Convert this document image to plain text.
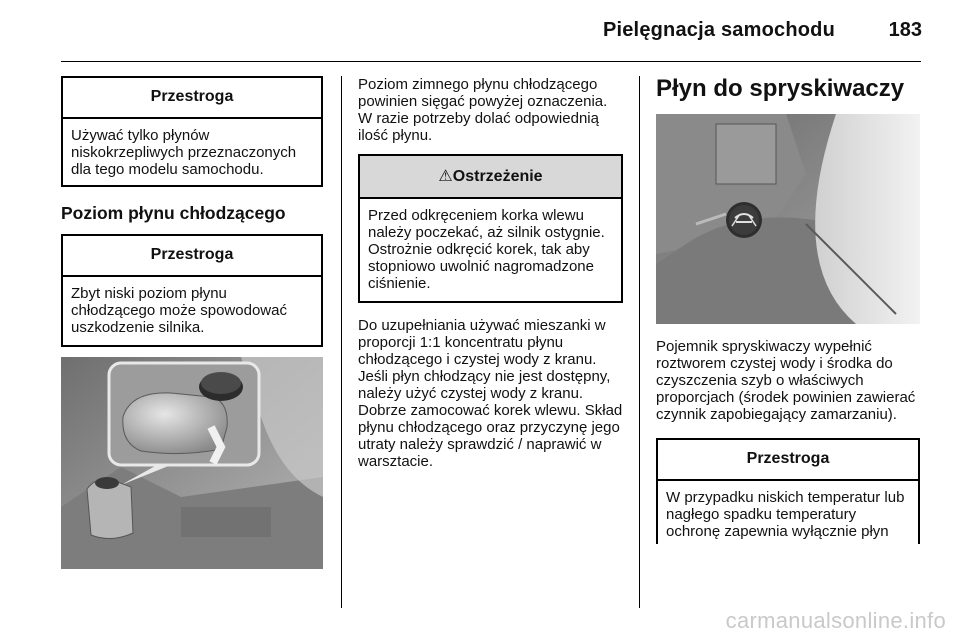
Pielęgnacja samochodu	183
Przestroga
Używać tylko płynów niskokrzepliwych przeznaczonych dla tego modelu samochodu.
Poziom płynu chłodzącego
Przestroga
Zbyt niski poziom płynu chłodzącego może spowodować uszkodzenie silnika.

Poziom zimnego płynu chłodzącego powinien sięgać powyżej oznaczenia. W razie potrzeby dolać odpowiednią ilość płynu.

⚠Ostrzeżenie
Przed odkręceniem korka wlewu należy poczekać, aż silnik ostygnie. Ostrożnie odkręcić korek, tak aby stopniowo uwolnić nagromadzone ciśnienie.

Do uzupełniania używać mieszanki w proporcji 1:1 koncentratu płynu chłodzącego i czystej wody z kranu. Jeśli płyn chłodzący nie jest dostępny, należy użyć czystej wody z kranu. Dobrze zamocować korek wlewu. Skład płynu chłodzącego oraz przyczynę jego utraty należy sprawdzić / naprawić w warsztacie.

Płyn do spryskiwaczy

Pojemnik spryskiwaczy wypełnić roztworem czystej wody i środka do czyszczenia szyb o właściwych proporcjach (środek powinien zawierać czynnik zapobiegający zamarzaniu).

Przestroga
W przypadku niskich temperatur lub nagłego spadku temperatury ochronę zapewnia wyłącznie płyn
carmanualsonline.info
